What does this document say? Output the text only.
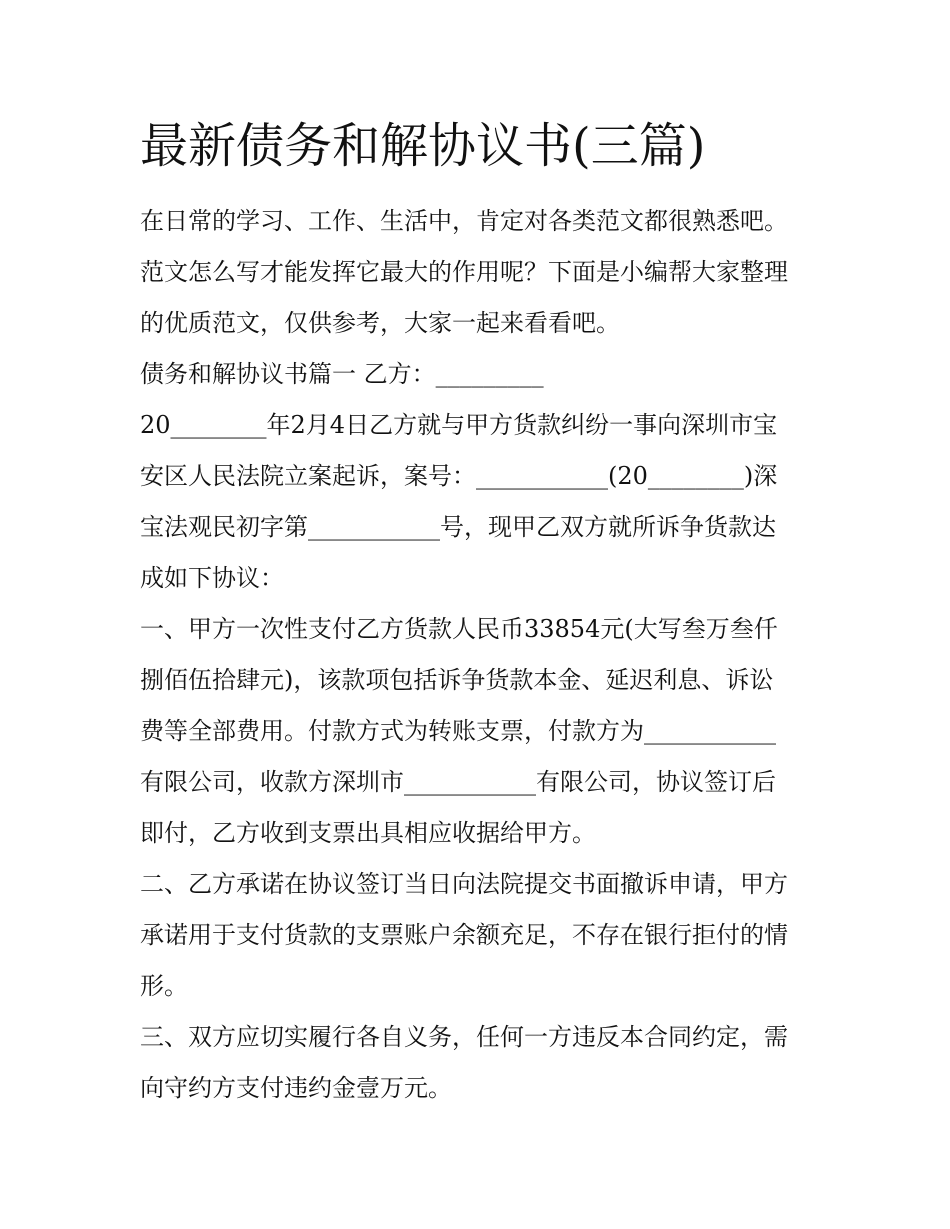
最新债务和解协议书(三篇)
在日常的学习、工作、生活中，肯定对各类范文都很熟悉吧。
范文怎么写才能发挥它最大的作用呢？下面是小编帮大家整理
的优质范文，仅供参考，大家一起来看看吧。
债务和解协议书篇一 乙方：_________
20________年2月4日乙方就与甲方货款纠纷一事向深圳市宝
安区人民法院立案起诉，案号：___________(20________)深
宝法观民初字第___________号，现甲乙双方就所诉争货款达
成如下协议：
一、甲方一次性支付乙方货款人民币33854元(大写叁万叁仟
捌佰伍拾肆元)，该款项包括诉争货款本金、延迟利息、诉讼
费等全部费用。付款方式为转账支票，付款方为___________
有限公司，收款方深圳市___________有限公司，协议签订后
即付，乙方收到支票出具相应收据给甲方。
二、乙方承诺在协议签订当日向法院提交书面撤诉申请，甲方
承诺用于支付货款的支票账户余额充足，不存在银行拒付的情
形。
三、双方应切实履行各自义务，任何一方违反本合同约定，需
向守约方支付违约金壹万元。
